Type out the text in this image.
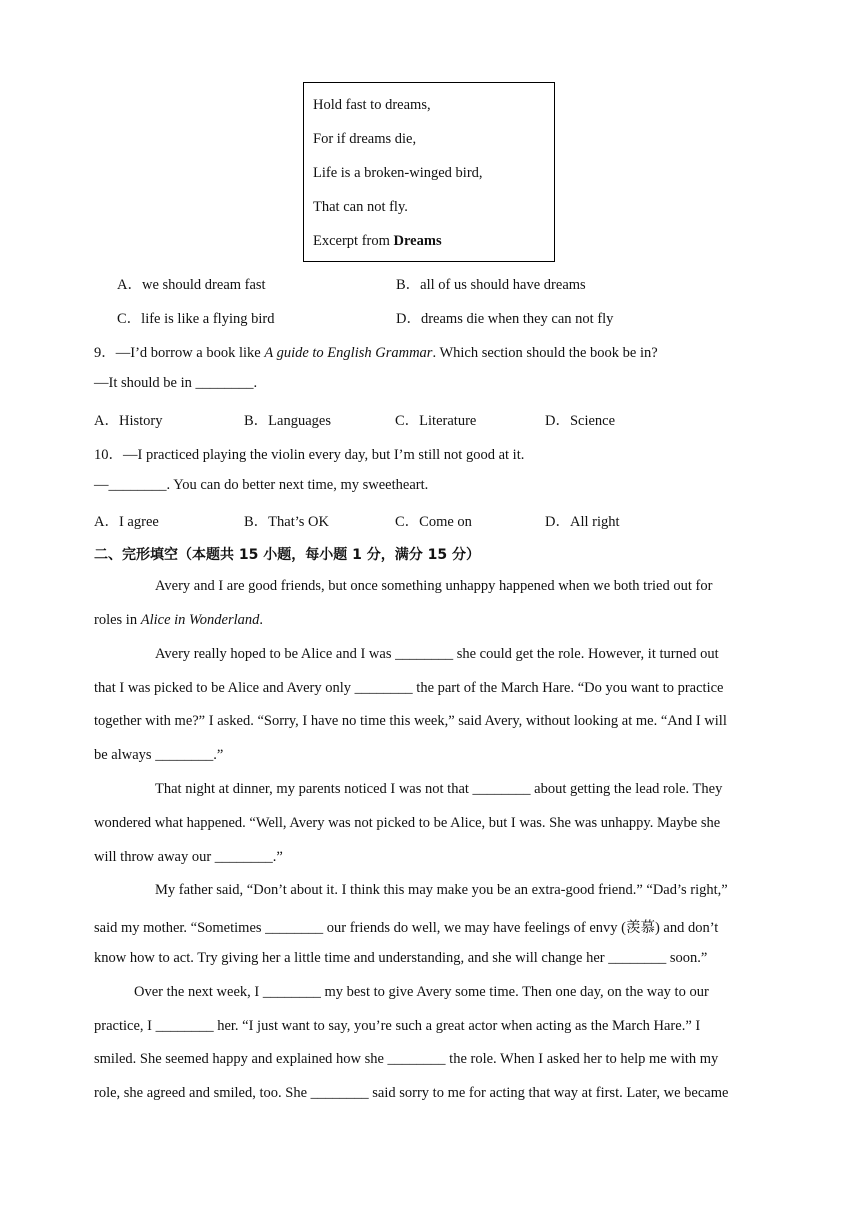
Hold fast to dreams,
For if dreams die,
Life is a broken-winged bird,
That can not fly.
Excerpt from Dreams
A．we should dream fast	B．all of us should have dreams
C．life is like a flying bird	D．dreams die when they can not fly
9．—I’d borrow a book like A guide to English Grammar. Which section should the book be in?
—It should be in ________.
A．History	B．Languages	C．Literature	D．Science
10．—I practiced playing the violin every day, but I’m still not good at it.
—________. You can do better next time, my sweetheart.
A．I agree	B．That’s OK	C．Come on	D．All right
二、完形填空（本题共 15 小题，每小题 1 分，满分 15 分）
Avery and I are good friends, but once something unhappy happened when we both tried out for
roles in Alice in Wonderland.
Avery really hoped to be Alice and I was ________ she could get the role. However, it turned out
that I was picked to be Alice and Avery only ________ the part of the March Hare. “Do you want to practice
together with me?” I asked. “Sorry, I have no time this week,” said Avery, without looking at me. “And I will
be always ________.”
That night at dinner, my parents noticed I was not that ________ about getting the lead role. They
wondered what happened. “Well, Avery was not picked to be Alice, but I was. She was unhappy. Maybe she
will throw away our ________.”
My father said, “Don’t about it. I think this may make you be an extra-good friend.” “Dad’s right,”
said my mother. “Sometimes ________ our friends do well, we may have feelings of envy (羡慕) and don’t
know how to act. Try giving her a little time and understanding, and she will change her ________ soon.”
Over the next week, I ________ my best to give Avery some time. Then one day, on the way to our
practice, I ________ her. “I just want to say, you’re such a great actor when acting as the March Hare.” I
smiled. She seemed happy and explained how she ________ the role. When I asked her to help me with my
role, she agreed and smiled, too. She ________ said sorry to me for acting that way at first. Later, we became
